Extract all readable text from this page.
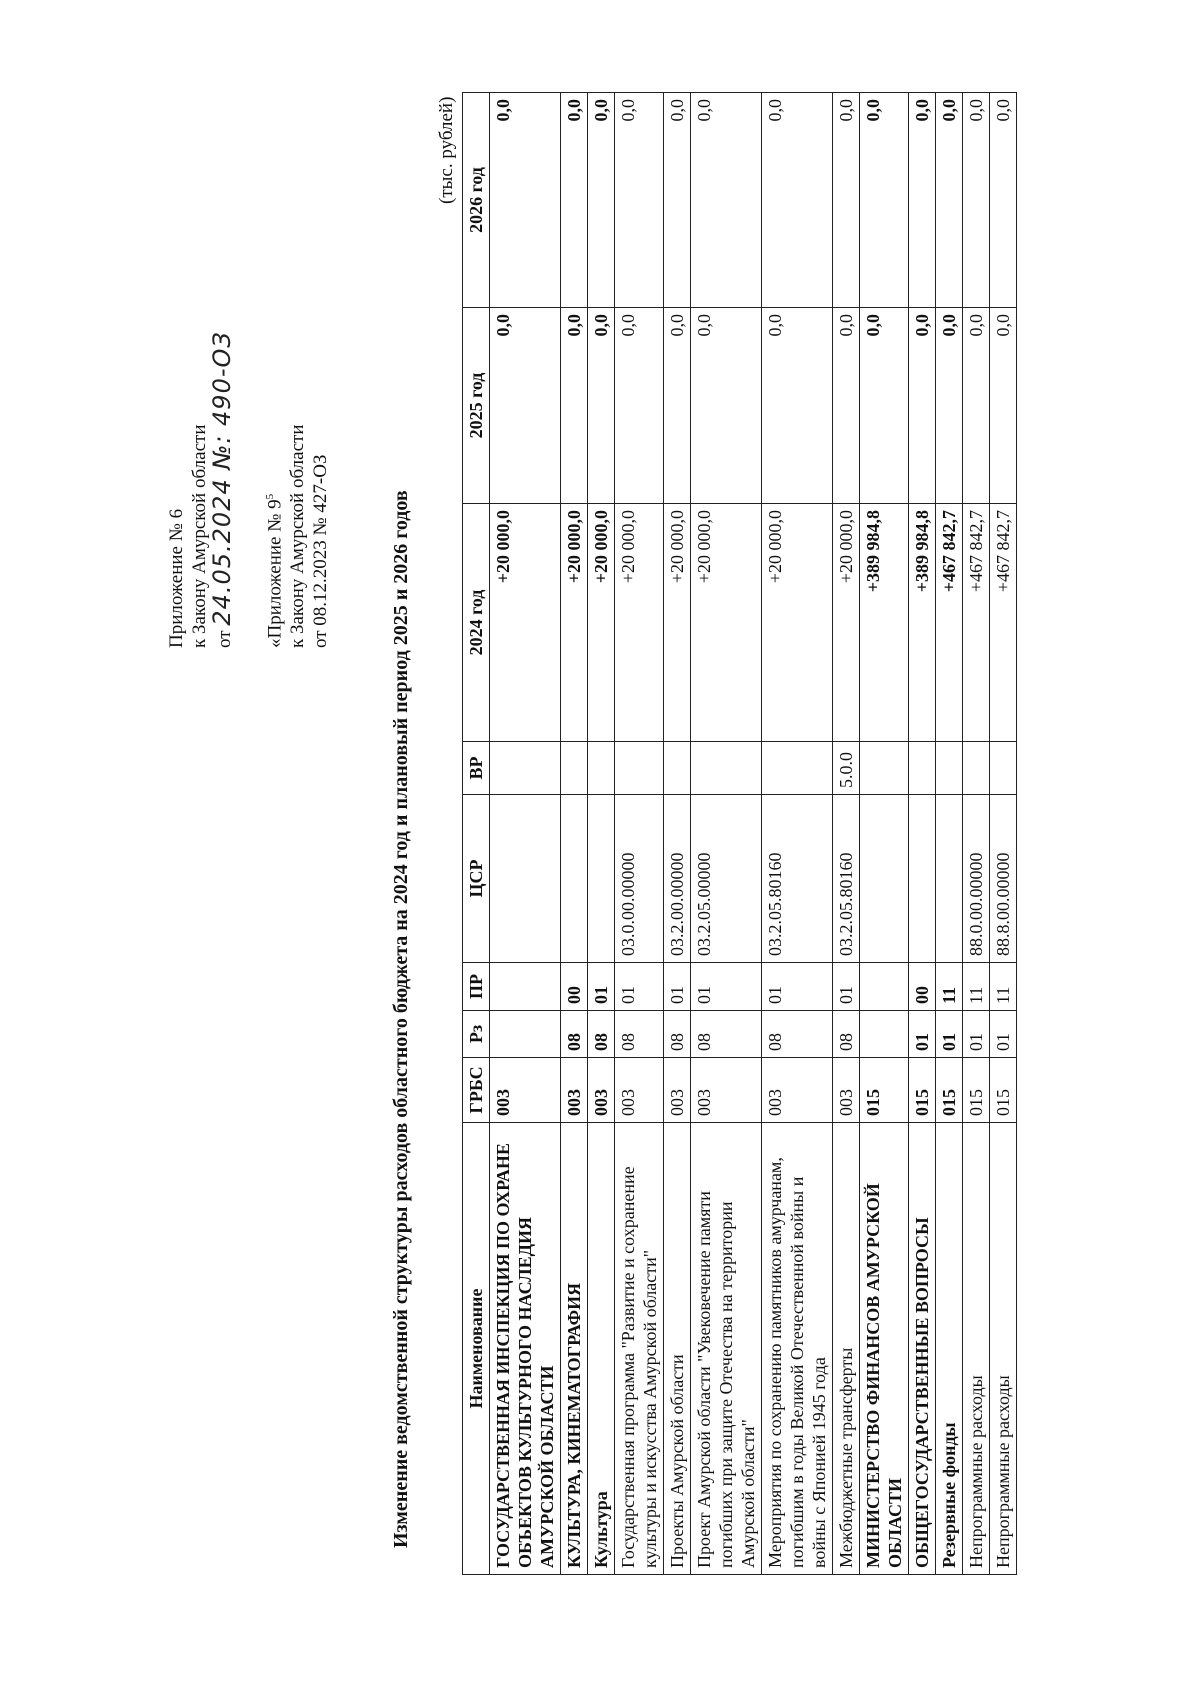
Приложение № 6 к Закону Амурской области от 24.05.2024 №: 490-ОЗ «Приложение № $9^5$ к Закону Амурской области от 08.12.2023 № 427-ОЗ	Изменение ведомственной структуры расходов областного бюджета на 2024 год и плановый период 2025 и 2026 годов
(тыс. рублей)
Наименование	ГРБС	Рз	ПР	ЦСР	ВР	2024 год	2025 год	2026 год
ГОСУДАРСТВЕННАЯ ИНСПЕКЦИЯ ПО ОХРАНЕ ОБЪЕКТОВ КУЛЬТУРНОГО НАСЛЕДИЯ АМУРСКОЙ ОБЛАСТИ	003					+20 000,0	0,0	0,0
КУЛЬТУРА, КИНЕМАТОГРАФИЯ	003	08	00			+20 000,0	0,0	0,0
Культура	003	08	01			+20 000,0	0,0	0,0
Государственная программа "Развитие и сохранение культуры и искусства Амурской области"	003	08	01	03.0.00.00000		+20 000,0	0,0	0,0
Проекты Амурской области	003	08	01	03.2.00.00000		+20 000,0	0,0	0,0
Проект Амурской области "Увековечение памяти погибших при защите Отечества на территории Амурской области"	003	08	01	03.2.05.00000		+20 000,0	0,0	0,0
Мероприятия по сохранению памятников амурчанам, погибшим в годы Великой Отечественной войны и войны с Японией 1945 года	003	08	01	03.2.05.80160		+20 000,0	0,0	0,0
Межбюджетные трансферты	003	08	01	03.2.05.80160	5.0.0	+20 000,0	0,0	0,0
МИНИСТЕРСТВО ФИНАНСОВ АМУРСКОЙ ОБЛАСТИ	015					+389 984,8	0,0	0,0
ОБЩЕГОСУДАРСТВЕННЫЕ ВОПРОСЫ	015	01	00			+389 984,8	0,0	0,0
Резервные фонды	015	01	11			+467 842,7	0,0	0,0
Непрограммные расходы	015	01	11	88.0.00.00000		+467 842,7	0,0	0,0
Непрограммные расходы	015	01	11	88.8.00.00000		+467 842,7	0,0	0,0
